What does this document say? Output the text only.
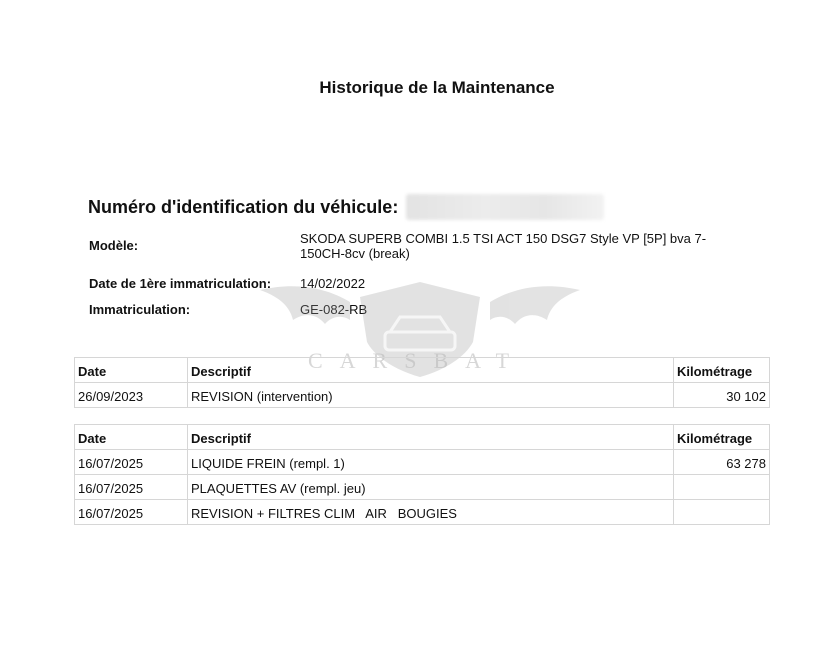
Historique de la Maintenance
Numéro d'identification du véhicule:
Modèle:	SKODA SUPERB COMBI 1.5 TSI ACT 150 DSG7 Style VP [5P] bva 7-150CH-8cv (break)
Date de 1ère immatriculation: 14/02/2022
Immatriculation:	GE-082-RB
CARSBAT
Date	Descriptif	Kilométrage
26/09/2023	REVISION (intervention)	30 102
Date	Descriptif	Kilométrage
16/07/2025	LIQUIDE FREIN (rempl. 1)	63 278
16/07/2025	PLAQUETTES AV (rempl. jeu)	
16/07/2025	REVISION + FILTRES CLIM   AIR   BOUGIES	
